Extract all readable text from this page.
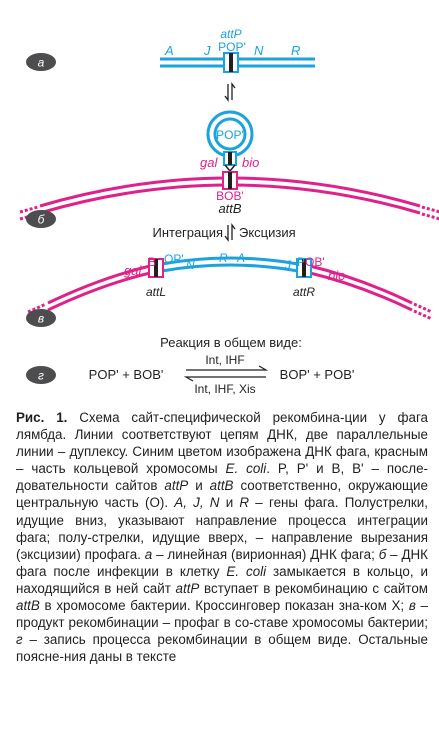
а
attP
A J POP' N R
POP'
gal bio
BOB'
attB
б
Интеграция Эксцизия
gal
B OP' N R A	J P OB'
bio
attL	attR
в
Реакция в общем виде:
г	POP' + BOB'
Int, IHF
Int, IHF, Xis
BOP' + POB'
Рис. 1. Схема сайт-специфической рекомбина-ции у фага лямбда. Линии соответствуют цепям ДНК, две параллельные линии – дуплексу. Синим цветом изображена ДНК фага, красным – часть кольцевой хромосомы E. coli. P, P' и B, B' – после-довательности сайтов attP и attB соответственно, окружающие центральную часть (O). A, J, N и R – гены фага. Полустрелки, идущие вниз, указывают направление процесса интеграции фага; полу-стрелки, идущие вверх, – направление вырезания (эксцизии) профага. а – линейная (вирионная) ДНК фага; б – ДНК фага после инфекции в клетку E. coli замыкается в кольцо, и находящийся в ней сайт attP вступает в рекомбинацию с сайтом attB в хромосоме бактерии. Кроссинговер показан зна-ком X; в – продукт рекомбинации – профаг в со-ставе хромосомы бактерии; г – запись процесса рекомбинации в общем виде. Остальные поясне-ния даны в тексте
